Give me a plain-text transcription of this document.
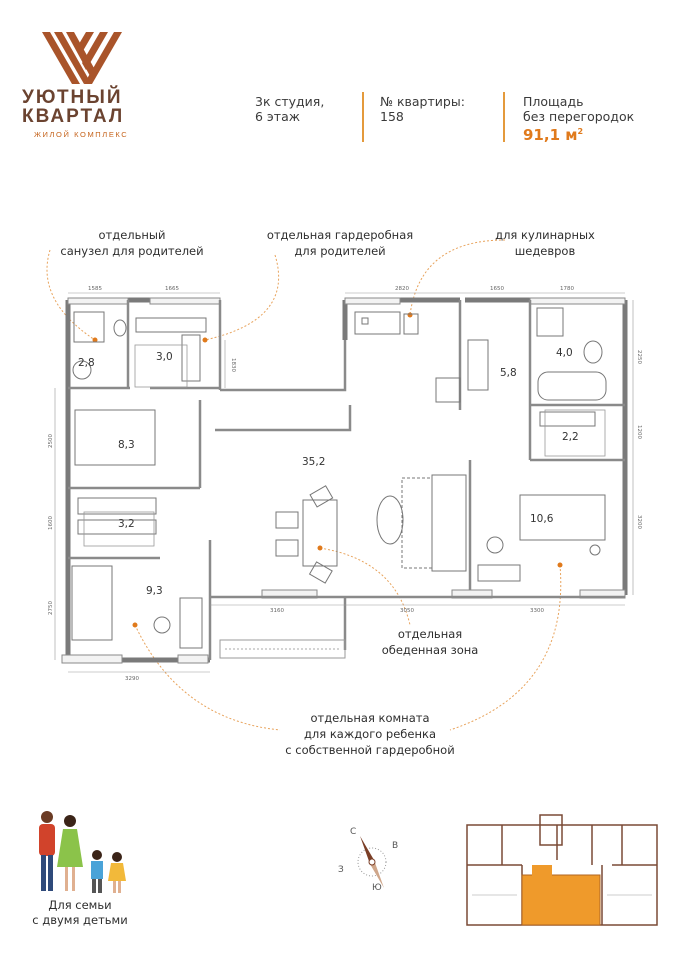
УЮТНЫЙ
КВАРТАЛ
ЖИЛОЙ КОМПЛЕКС
3к студия,
6 этаж
№ квартиры:
158
Площадь
без перегородок
91,1 $м^2$
отдельный
санузел для родителей
отдельная гардеробная
для родителей
для кулинарных
шедевров
отдельная
обеденная зона
отдельная комната
для каждого ребенка
с собственной гардеробной
1585	1665	2820	1650	1780
3160	3050	3300
3290
1830
2500
1600
2750
2250
1200
3200
2,8	3,0
8,3
3,2
9,3
35,2
4,0
5,8
2,2
10,6
Для семьи
с двумя детьми
С
В
Ю
З
